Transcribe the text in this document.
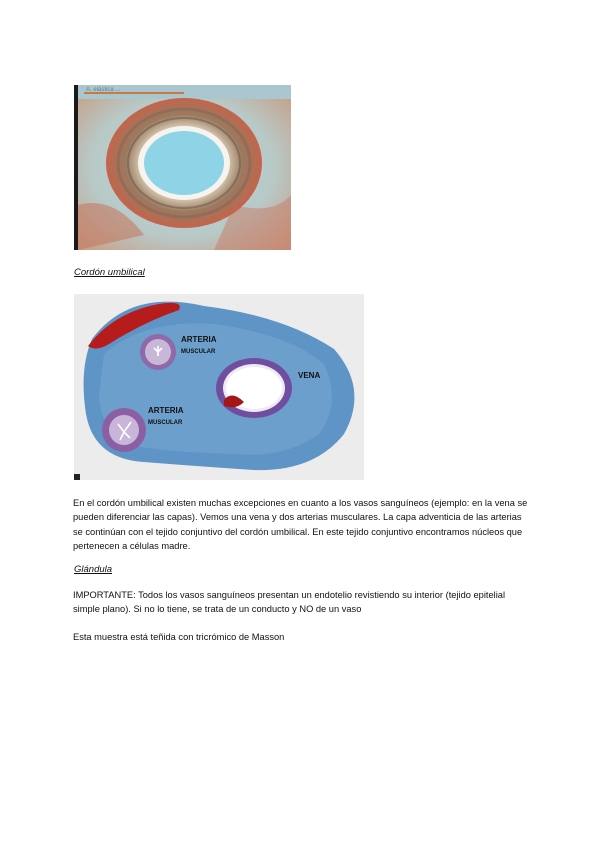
A. elástica ...

Cordón umbilical

ARTERIA
MUSCULAR
VENA
ARTERIA
MUSCULAR

En el cordón umbilical existen muchas excepciones en cuanto a los vasos sanguíneos (ejemplo: en la vena se pueden diferenciar las capas). Vemos una vena y dos arterias musculares. La capa adventicia de las arterias se continúan con el tejido conjuntivo del cordón umbilical. En este tejido conjuntivo encontramos núcleos que pertenecen a células madre.

Glándula

IMPORTANTE: Todos los vasos sanguíneos presentan un endotelio revistiendo su interior (tejido epitelial simple plano). Si no lo tiene, se trata de un conducto y NO de un vaso

Esta muestra está teñida con tricrómico de Masson
